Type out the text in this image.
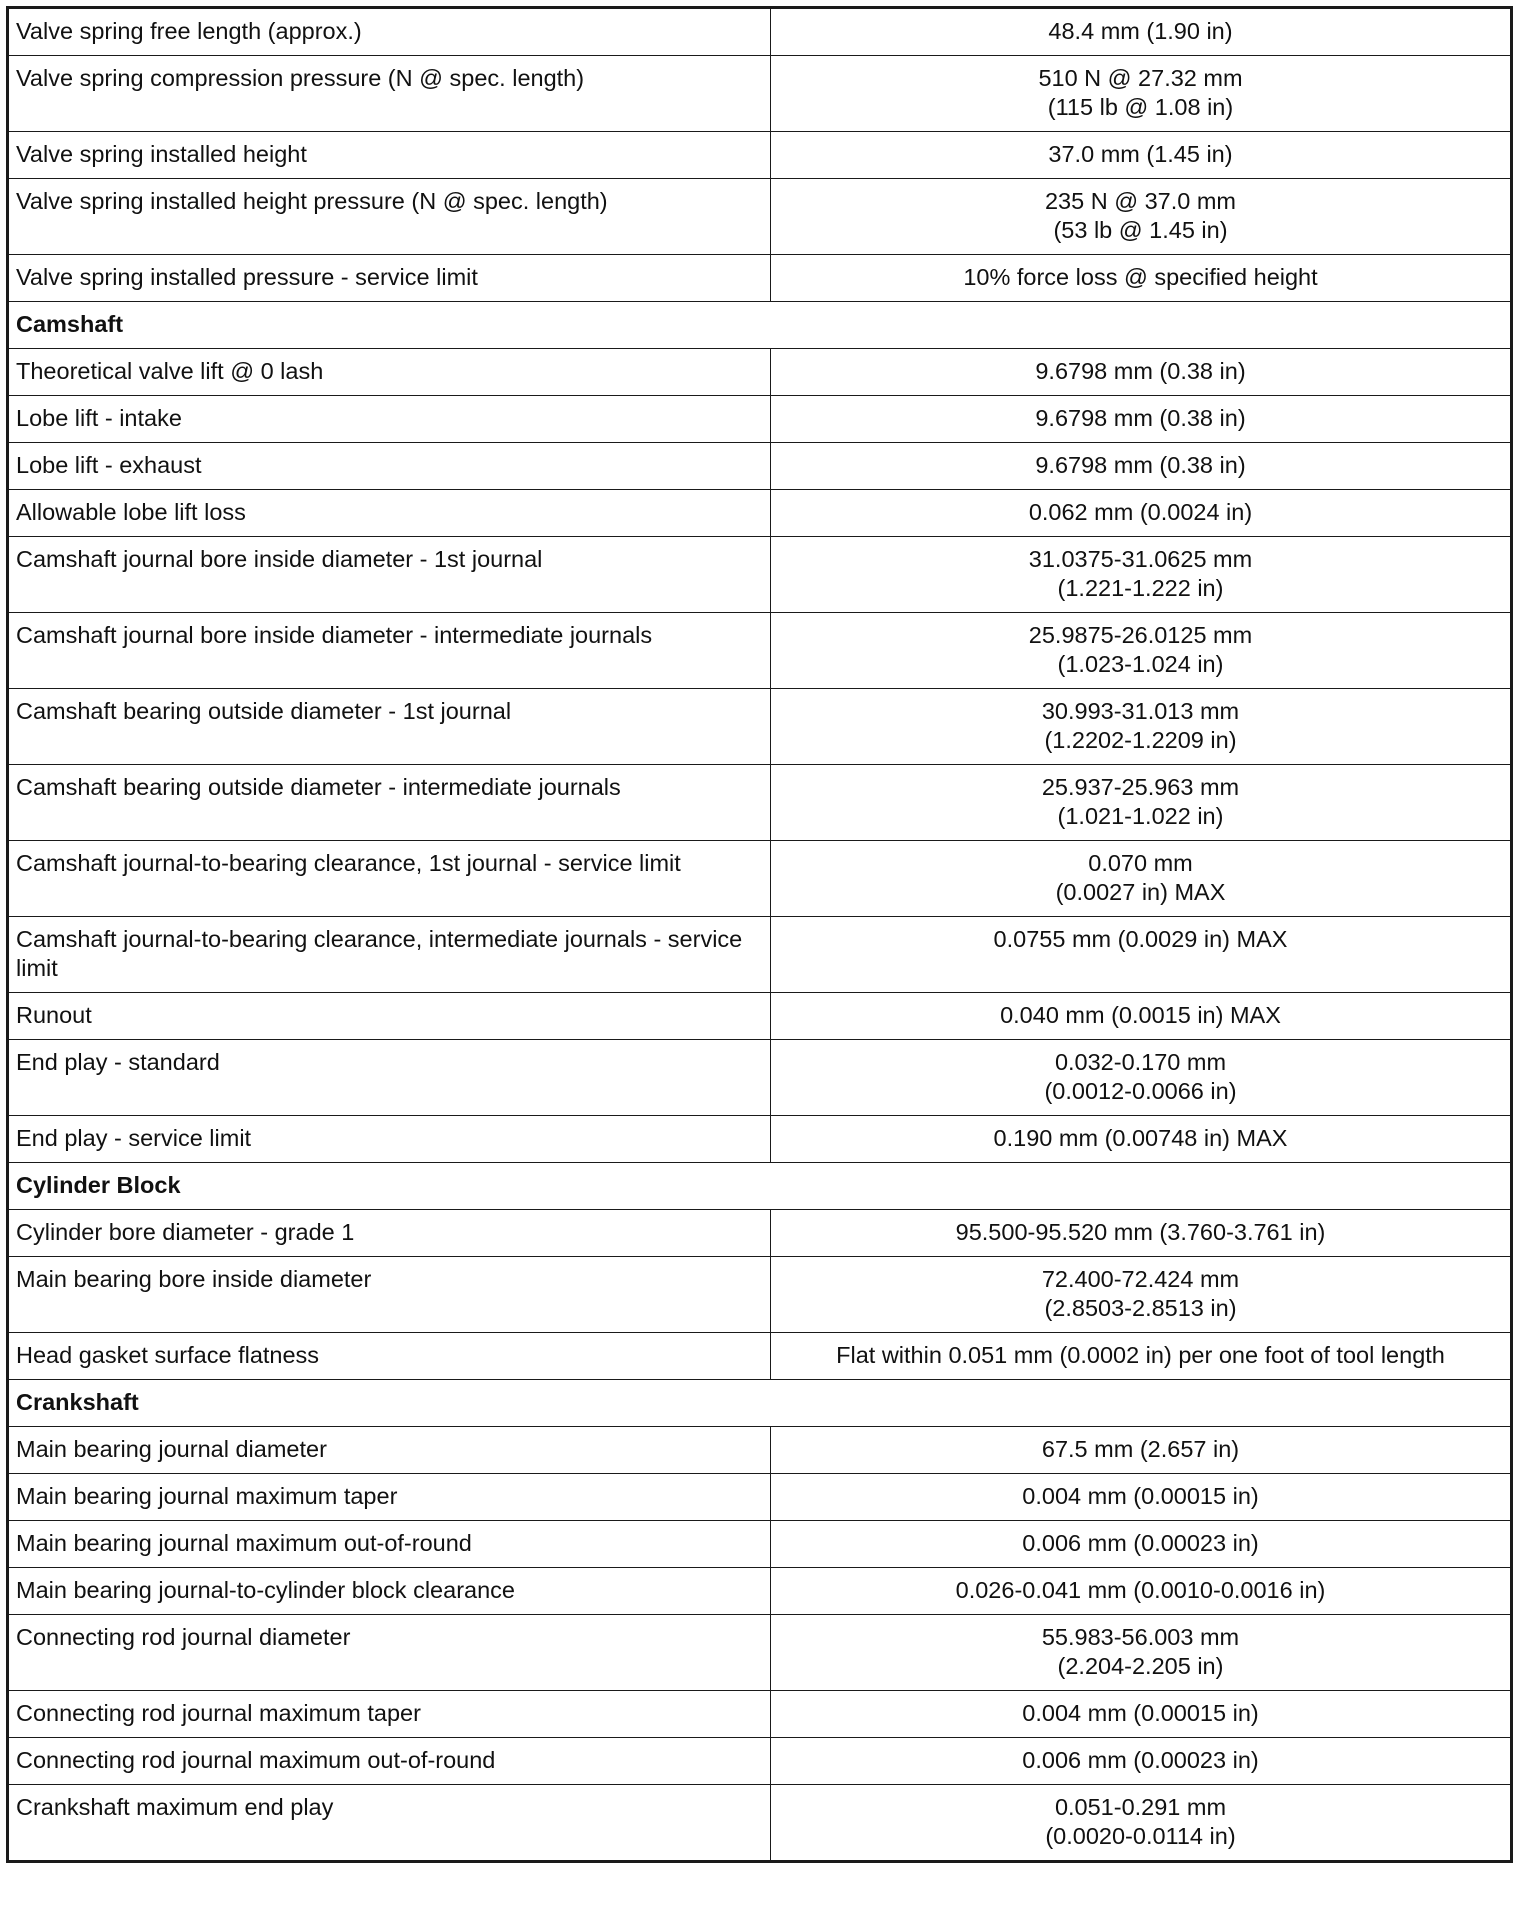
Valve spring free length (approx.)	48.4 mm (1.90 in)

Valve spring compression pressure (N @ spec. length)	510 N @ 27.32 mm
(115 lb @ 1.08 in)

Valve spring installed height	37.0 mm (1.45 in)

Valve spring installed height pressure (N @ spec. length)	235 N @ 37.0 mm
(53 lb @ 1.45 in)

Valve spring installed pressure - service limit	10% force loss @ specified height

Camshaft	
Theoretical valve lift @ 0 lash	9.6798 mm (0.38 in)

Lobe lift - intake	9.6798 mm (0.38 in)

Lobe lift - exhaust	9.6798 mm (0.38 in)

Allowable lobe lift loss	0.062 mm (0.0024 in)

Camshaft journal bore inside diameter - 1st journal	31.0375-31.0625 mm
(1.221-1.222 in)

Camshaft journal bore inside diameter - intermediate journals	25.9875-26.0125 mm
(1.023-1.024 in)

Camshaft bearing outside diameter - 1st journal	30.993-31.013 mm
(1.2202-1.2209 in)

Camshaft bearing outside diameter - intermediate journals	25.937-25.963 mm
(1.021-1.022 in)

Camshaft journal-to-bearing clearance, 1st journal - service limit	0.070 mm
(0.0027 in) MAX

Camshaft journal-to-bearing clearance, intermediate journals - service limit	0.0755 mm (0.0029 in) MAX

Runout	0.040 mm (0.0015 in) MAX

End play - standard	0.032-0.170 mm
(0.0012-0.0066 in)

End play - service limit	0.190 mm (0.00748 in) MAX

Cylinder Block	
Cylinder bore diameter - grade 1	95.500-95.520 mm (3.760-3.761 in)

Main bearing bore inside diameter	72.400-72.424 mm
(2.8503-2.8513 in)

Head gasket surface flatness	Flat within 0.051 mm (0.0002 in) per one foot of tool length

Crankshaft	
Main bearing journal diameter	67.5 mm (2.657 in)

Main bearing journal maximum taper	0.004 mm (0.00015 in)

Main bearing journal maximum out-of-round	0.006 mm (0.00023 in)

Main bearing journal-to-cylinder block clearance	0.026-0.041 mm (0.0010-0.0016 in)

Connecting rod journal diameter	55.983-56.003 mm
(2.204-2.205 in)

Connecting rod journal maximum taper	0.004 mm (0.00015 in)

Connecting rod journal maximum out-of-round	0.006 mm (0.00023 in)

Crankshaft maximum end play	0.051-0.291 mm
(0.0020-0.0114 in)
